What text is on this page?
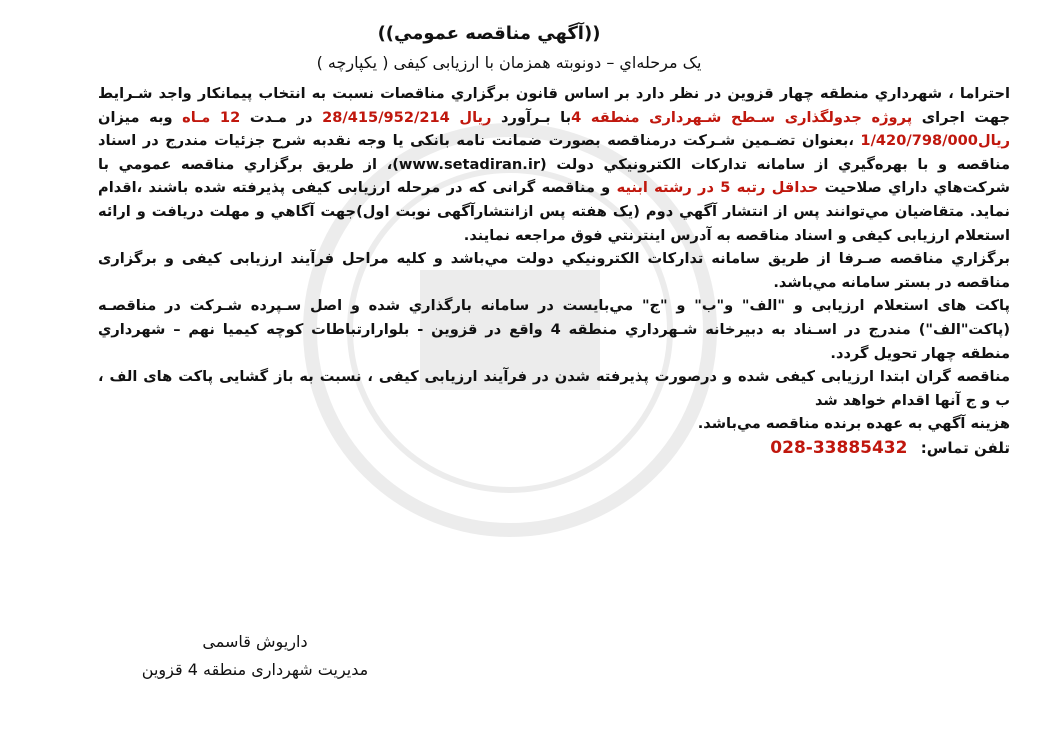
((آگهي مناقصه عمومي))
یک مرحله‌اي – دونوبته همزمان با ارزیابی کیفی ( یکپارچه )

احتراما ، شهرداري منطقه چهار قزوین در نظر دارد بر اساس قانون برگزاري مناقصات نسبت به انتخاب پیمانکار واجد شـرایط جهت اجرای پروژه جدولگذاری سـطح شـهرداری منطقه 4با بـرآورد 28/415/952/214 ریال در مـدت 12 مـاه وبه میزان 1/420/798/000ریال ،بعنوان تضـمین شـرکت درمناقصه بصورت ضمانت نامه بانکی یا وجه نقدبه شرح جزئیات مندرج در اسناد مناقصه و با بهره‌گيري از سامانه تدارکات الکترونیکي دولت (www.setadiran.ir)، از طریق برگزاري مناقصه عمومي با شرکت‌هاي داراي صلاحیت حداقل رتبه 5 در رشته ابنیه و مناقصه گرانی که در مرحله ارزیابی کیفی پذیرفته شده باشند ،اقدام نماید. متقاضیان مي‌توانند پس از انتشار آگهي دوم (یک هفته پس ازانتشارآگهی نوبت اول)جهت آگاهي و مهلت دریافت و ارائه استعلام ارزیابی کیفی و اسناد مناقصه به آدرس اینترنتي فوق مراجعه نمایند.

برگزاري مناقصه صـرفا از طریق سامانه تدارکات الکترونیکي دولت مي‌باشد و کلیه مراحل فرآیند ارزیابی کیفی و برگزاری مناقصه در بستر سامانه مي‌باشد.

پاکت های استعلام ارزیابی و "الف" و"ب" و "ج" مي‌بایست در سامانه بارگذاري شده و اصل سـپرده شـرکت در مناقصـه (پاکت"الف") مندرج در اسـناد به دبیرخانه شـهرداري منطقه 4 واقع در قزوین - بلوارارتباطات کوچه کیمیا نهم – شهرداري منطقه چهار تحویل گردد.

مناقصه گران ابتدا ارزیابی کیفی شده و درصورت پذیرفته شدن در فرآیند ارزیابی کیفی ، نسبت به باز گشایی پاکت های الف ، ب و ج آنها اقدام خواهد شد

هزینه آگهي به عهده برنده مناقصه مي‌باشد.

تلفن تماس: 028-33885432
داریوش قاسمی
مدیریت شهرداری منطقه 4 قزوین
